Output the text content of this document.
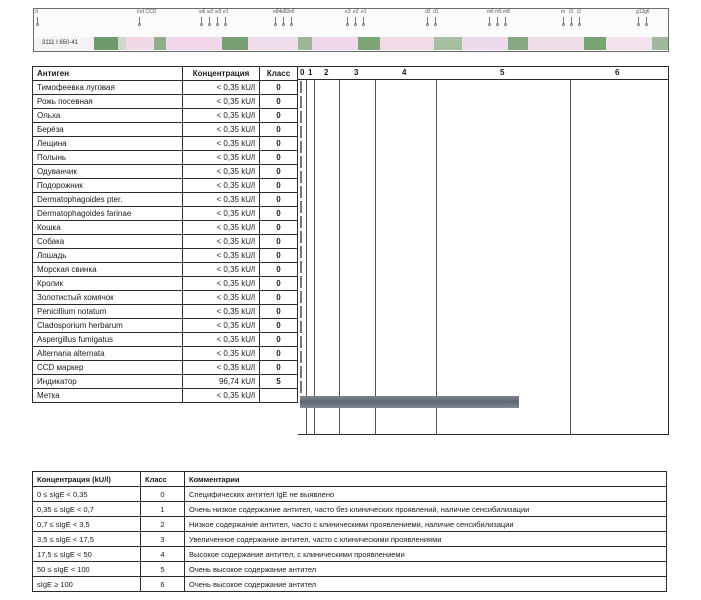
d	Ind CCD	w6 w2 w3 e1	e84 e82 e6	e3 e2 e1	d2 d1	m6 m5 m8	m i3 i2	g12 g6
3111 I 650-41
Антиген	Концентрация	Класс
Тимофеевка луговая	< 0,35 kU/l	0
Рожь посевная	< 0,35 kU/l	0
Ольха	< 0,35 kU/l	0
Берёза	< 0,35 kU/l	0
Лещина	< 0,35 kU/l	0
Полынь	< 0,35 kU/l	0
Одуванчик	< 0,35 kU/l	0
Подорожник	< 0,35 kU/l	0
Dermatophagoides pter.	< 0,35 kU/l	0
Dermatophagoides farinae	< 0,35 kU/l	0
Кошка	< 0,35 kU/l	0
Собака	< 0,35 kU/l	0
Лошадь	< 0,35 kU/l	0
Морская свинка	< 0,35 kU/l	0
Кролик	< 0,35 kU/l	0
Золотистый хомячок	< 0,35 kU/l	0
Penicillium notatum	< 0,35 kU/l	0
Cladosporium herbarum	< 0,35 kU/l	0
Aspergillus fumigatus	< 0,35 kU/l	0
Alternaria alternata	< 0,35 kU/l	0
CCD маркер	< 0,35 kU/l	0
Индикатор	96,74 kU/l	5
Метка	< 0,35 kU/l	
0 1 2	3	4	5	6
Концентрация (kU/l)	Класс	Комментарии
0 ≤ sIgE < 0,35	0	Специфических антител IgE не выявлено
0,35 ≤ sIgE < 0,7	1	Очень низкое содержание антител, часто без клинических проявлений, наличие сенсибилизации
0,7 ≤ sIgE < 3,5	2	Низкое содержание антител, часто с клиническими проявлениеми, наличие сенсибилизации
3,5 ≤ sIgE < 17,5	3	Увеличенное содержание антител, часто с клиническими проявлениями
17,5 ≤ sIgE < 50	4	Высокое содержание антител, с клиническими проявлениеми
50 ≤ sIgE < 100	5	Очень высокое содержание антител
sIgE ≥ 100	6	Очень высокое содержание антител
